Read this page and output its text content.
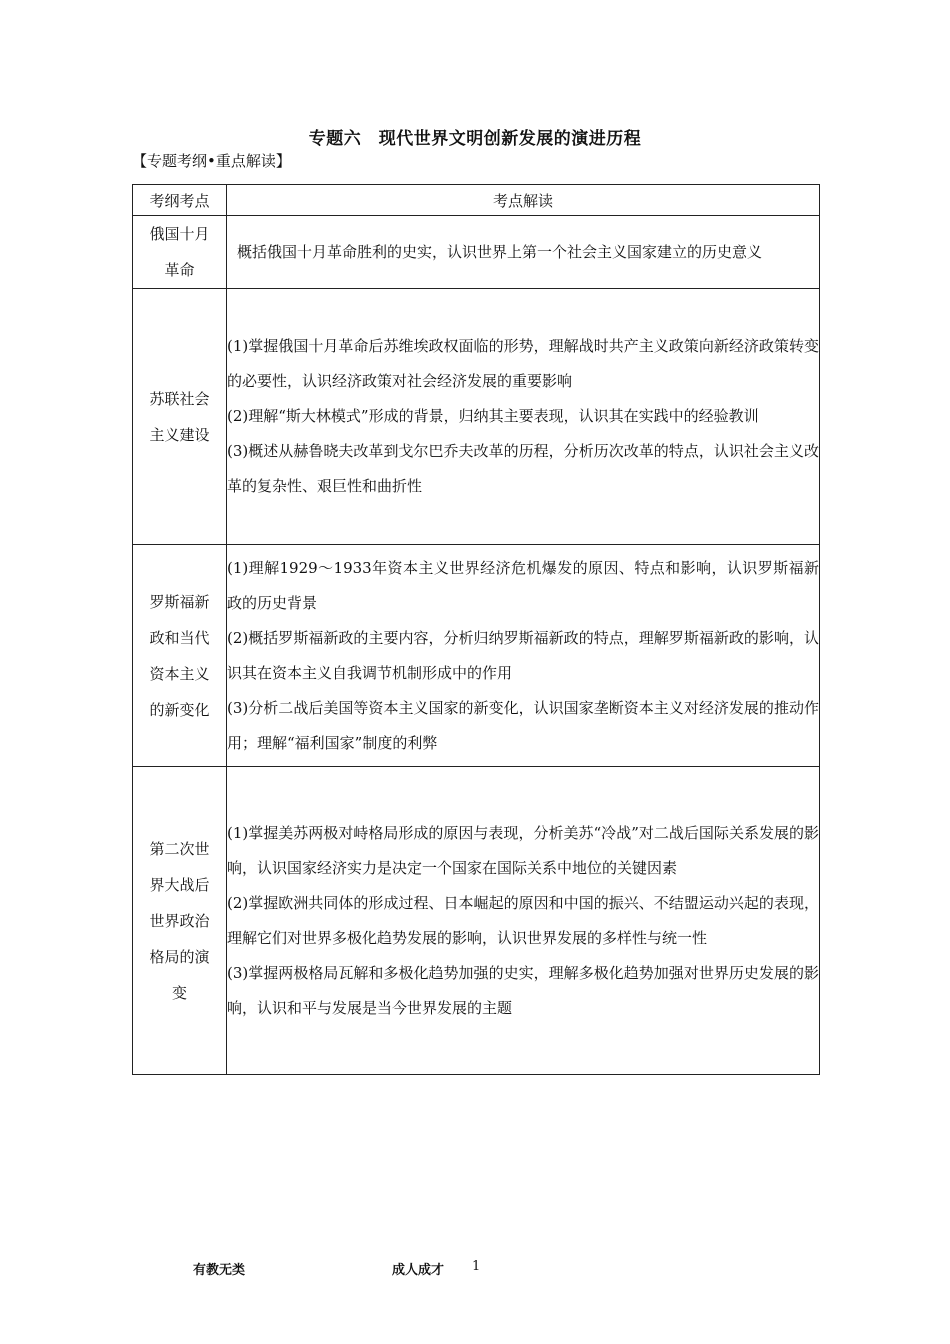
专题六　现代世界文明创新发展的演进历程
【专题考纲•重点解读】
考纲考点	考点解读
俄国十月革命	概括俄国十月革命胜利的史实，认识世界上第一个社会主义国家建立的历史意义

苏联社会主义建设	(1)掌握俄国十月革命后苏维埃政权面临的形势，理解战时共产主义政策向新经济政策转变的必要性，认识经济政策对社会经济发展的重要影响
(2)理解“斯大林模式”形成的背景，归纳其主要表现，认识其在实践中的经验教训
(3)概述从赫鲁晓夫改革到戈尔巴乔夫改革的历程，分析历次改革的特点，认识社会主义改革的复杂性、艰巨性和曲折性

罗斯福新政和当代资本主义的新变化	(1)理解1929～1933年资本主义世界经济危机爆发的原因、特点和影响，认识罗斯福新政的历史背景
(2)概括罗斯福新政的主要内容，分析归纳罗斯福新政的特点，理解罗斯福新政的影响，认识其在资本主义自我调节机制形成中的作用
(3)分析二战后美国等资本主义国家的新变化，认识国家垄断资本主义对经济发展的推动作用；理解“福利国家”制度的利弊

第二次世界大战后世界政治格局的演变	(1)掌握美苏两极对峙格局形成的原因与表现，分析美苏“冷战”对二战后国际关系发展的影响，认识国家经济实力是决定一个国家在国际关系中地位的关键因素
(2)掌握欧洲共同体的形成过程、日本崛起的原因和中国的振兴、不结盟运动兴起的表现，理解它们对世界多极化趋势发展的影响，认识世界发展的多样性与统一性
(3)掌握两极格局瓦解和多极化趋势加强的史实，理解多极化趋势加强对世界历史发展的影响，认识和平与发展是当今世界发展的主题
有教无类	成人成才 1
